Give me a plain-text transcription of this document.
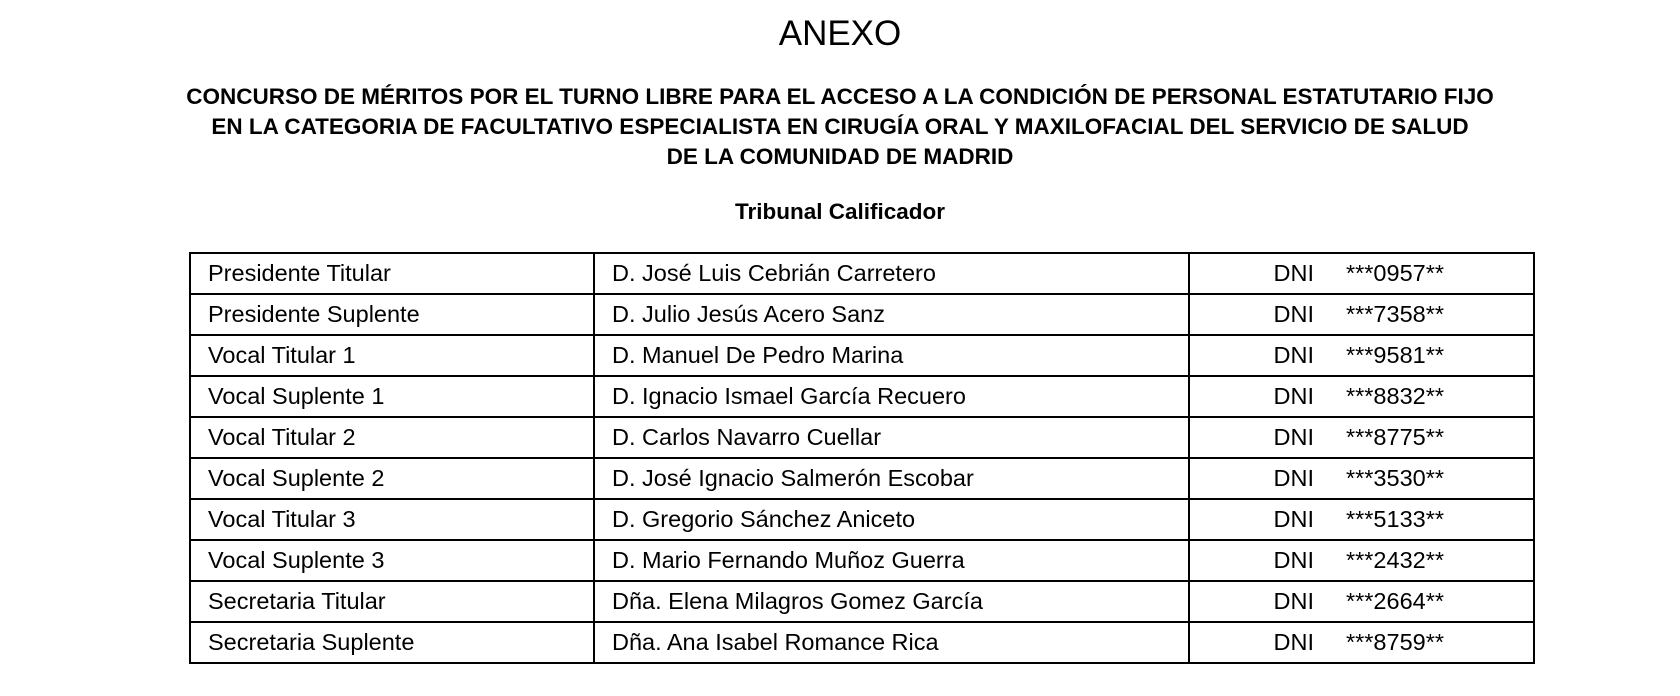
ANEXO
CONCURSO DE MÉRITOS POR EL TURNO LIBRE PARA EL ACCESO A LA CONDICIÓN DE PERSONAL ESTATUTARIO FIJO
EN LA CATEGORIA DE FACULTATIVO ESPECIALISTA EN CIRUGÍA ORAL Y MAXILOFACIAL DEL SERVICIO DE SALUD
DE LA COMUNIDAD DE MADRID
Tribunal Calificador
Presidente Titular	D. José Luis Cebrián Carretero	DNI ***0957**
Presidente Suplente	D. Julio Jesús Acero Sanz	DNI ***7358**
Vocal Titular 1	D. Manuel De Pedro Marina	DNI ***9581**
Vocal Suplente 1	D. Ignacio Ismael García Recuero	DNI ***8832**
Vocal Titular 2	D. Carlos Navarro Cuellar	DNI ***8775**
Vocal Suplente 2	D. José Ignacio Salmerón Escobar	DNI ***3530**
Vocal Titular 3	D. Gregorio Sánchez Aniceto	DNI ***5133**
Vocal Suplente 3	D. Mario Fernando Muñoz Guerra	DNI ***2432**
Secretaria Titular	Dña. Elena Milagros Gomez García	DNI ***2664**
Secretaria Suplente	Dña. Ana Isabel Romance Rica	DNI ***8759**
